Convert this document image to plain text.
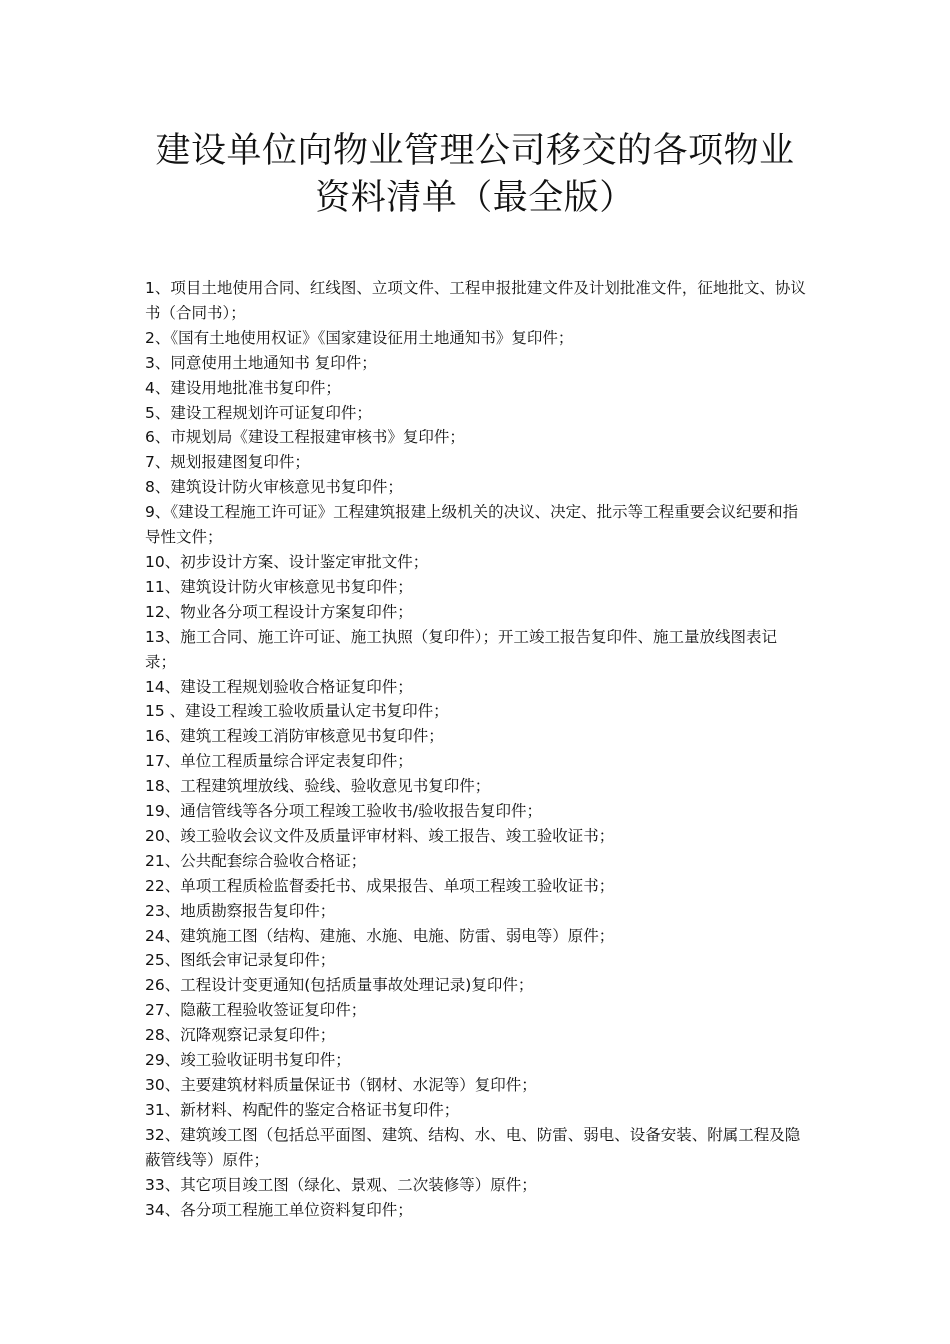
建设单位向物业管理公司移交的各项物业
资料清单（最全版）
1、项目土地使用合同、红线图、立项文件、工程申报批建文件及计划批准文件，征地批文、协议书（合同书）；
2、《国有土地使用权证》《国家建设征用土地通知书》复印件；
3、同意使用土地通知书 复印件；
4、建设用地批准书复印件；
5、建设工程规划许可证复印件；
6、市规划局《建设工程报建审核书》复印件；
7、规划报建图复印件；
8、建筑设计防火审核意见书复印件；
9、《建设工程施工许可证》工程建筑报建上级机关的决议、决定、批示等工程重要会议纪要和指导性文件；
10、初步设计方案、设计鉴定审批文件；
11、建筑设计防火审核意见书复印件；
12、物业各分项工程设计方案复印件；
13、施工合同、施工许可证、施工执照（复印件）；开工竣工报告复印件、施工量放线图表记录；
14、建设工程规划验收合格证复印件；
15 、建设工程竣工验收质量认定书复印件；
16、建筑工程竣工消防审核意见书复印件；
17、单位工程质量综合评定表复印件；
18、工程建筑埋放线、验线、验收意见书复印件；
19、通信管线等各分项工程竣工验收书/验收报告复印件；
20、竣工验收会议文件及质量评审材料、竣工报告、竣工验收证书；
21、公共配套综合验收合格证；
22、单项工程质检监督委托书、成果报告、单项工程竣工验收证书；
23、地质勘察报告复印件；
24、建筑施工图（结构、建施、水施、电施、防雷、弱电等）原件；
25、图纸会审记录复印件；
26、工程设计变更通知(包括质量事故处理记录)复印件；
27、隐蔽工程验收签证复印件；
28、沉降观察记录复印件；
29、竣工验收证明书复印件；
30、主要建筑材料质量保证书（钢材、水泥等）复印件；
31、新材料、构配件的鉴定合格证书复印件；
32、建筑竣工图（包括总平面图、建筑、结构、水、电、防雷、弱电、设备安装、附属工程及隐蔽管线等）原件；
33、其它项目竣工图（绿化、景观、二次装修等）原件；
34、各分项工程施工单位资料复印件；
